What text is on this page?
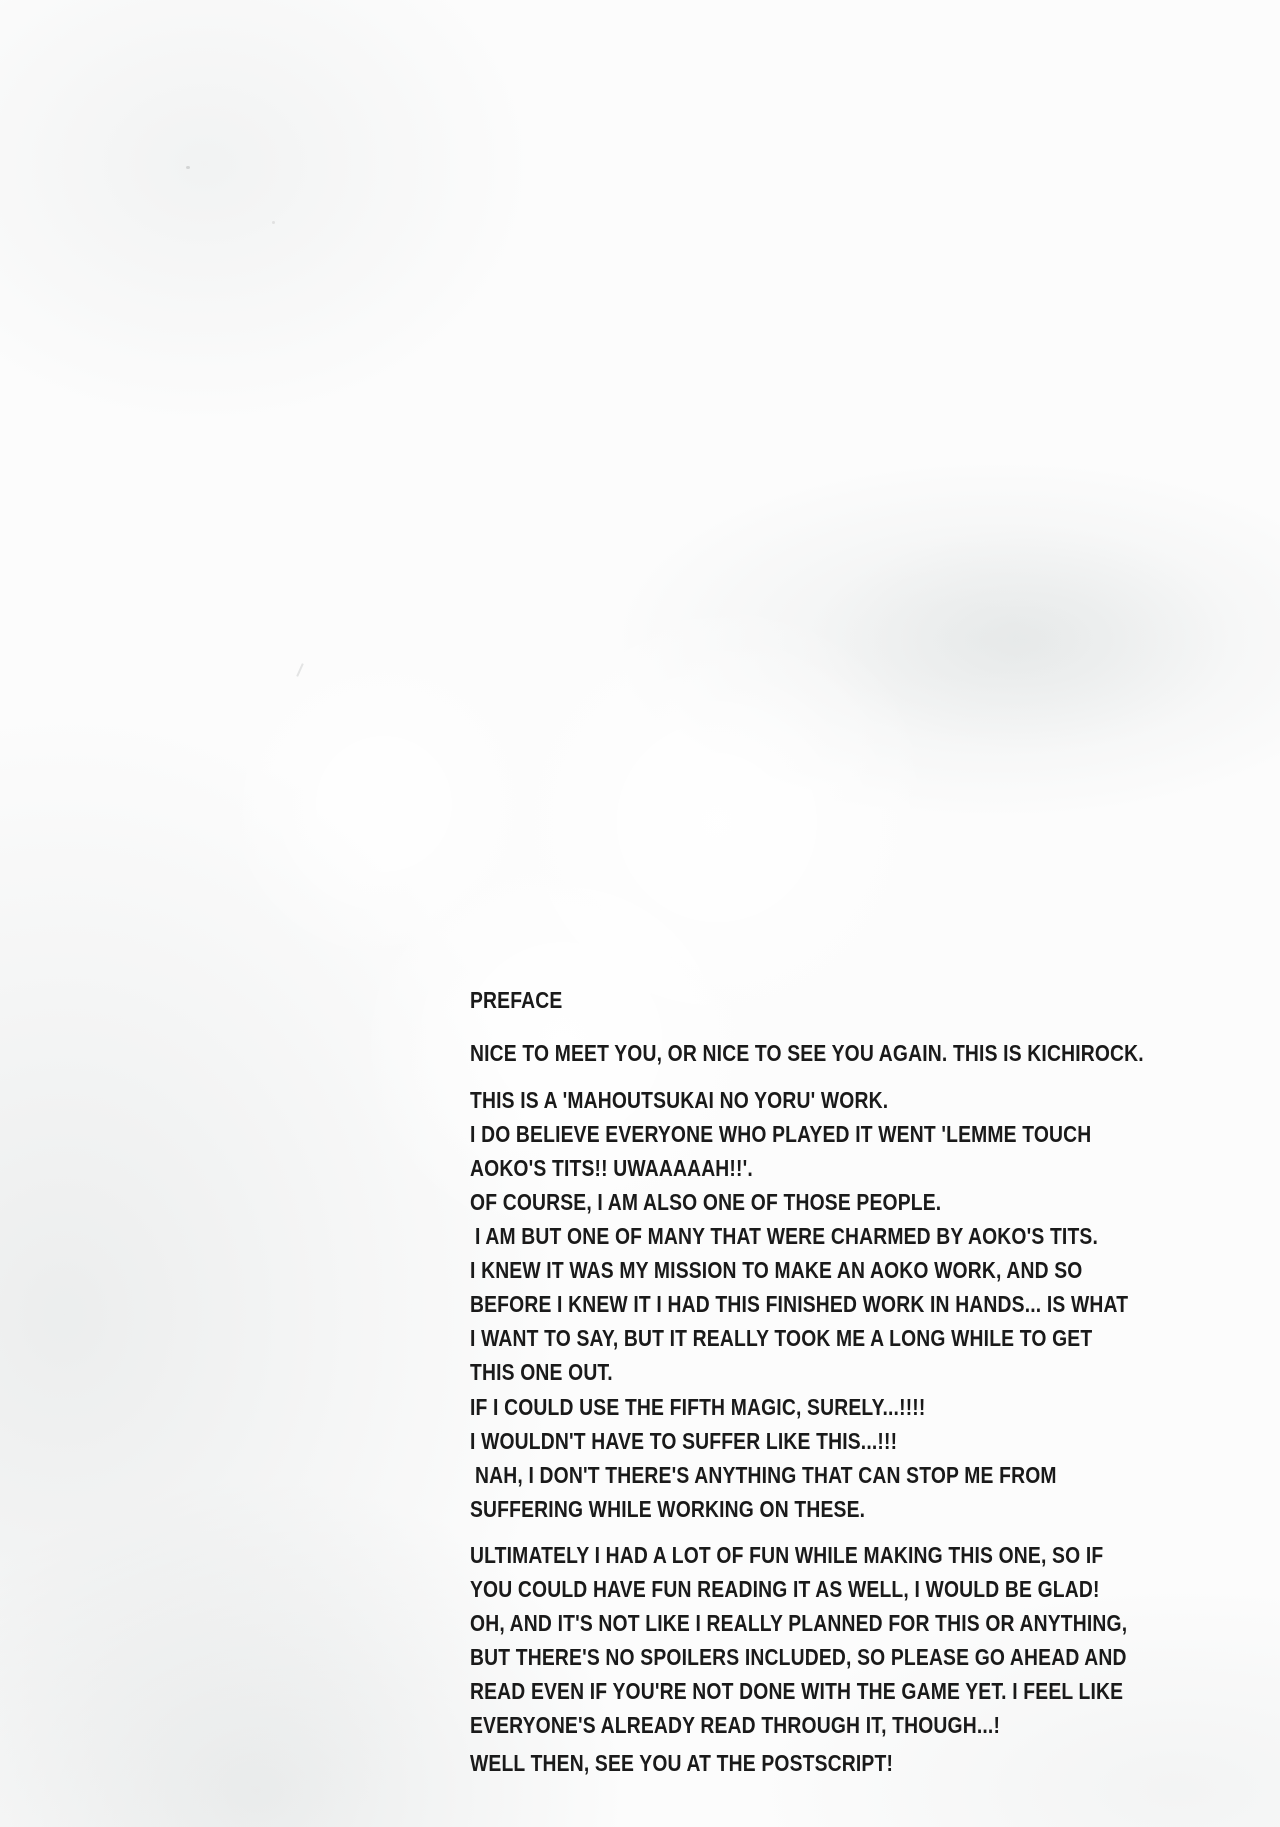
PREFACE
NICE TO MEET YOU, OR NICE TO SEE YOU AGAIN. THIS IS KICHIROCK.
THIS IS A 'MAHOUTSUKAI NO YORU' WORK.
I DO BELIEVE EVERYONE WHO PLAYED IT WENT 'LEMME TOUCH
AOKO'S TITS!! UWAAAAAH!!'.
OF COURSE, I AM ALSO ONE OF THOSE PEOPLE.
I AM BUT ONE OF MANY THAT WERE CHARMED BY AOKO'S TITS.
I KNEW IT WAS MY MISSION TO MAKE AN AOKO WORK, AND SO
BEFORE I KNEW IT I HAD THIS FINISHED WORK IN HANDS... IS WHAT
I WANT TO SAY, BUT IT REALLY TOOK ME A LONG WHILE TO GET
THIS ONE OUT.
IF I COULD USE THE FIFTH MAGIC, SURELY...!!!!
I WOULDN'T HAVE TO SUFFER LIKE THIS...!!!
NAH, I DON'T THERE'S ANYTHING THAT CAN STOP ME FROM
SUFFERING WHILE WORKING ON THESE.
ULTIMATELY I HAD A LOT OF FUN WHILE MAKING THIS ONE, SO IF
YOU COULD HAVE FUN READING IT AS WELL, I WOULD BE GLAD!
OH, AND IT'S NOT LIKE I REALLY PLANNED FOR THIS OR ANYTHING,
BUT THERE'S NO SPOILERS INCLUDED, SO PLEASE GO AHEAD AND
READ EVEN IF YOU'RE NOT DONE WITH THE GAME YET. I FEEL LIKE
EVERYONE'S ALREADY READ THROUGH IT, THOUGH...!
WELL THEN, SEE YOU AT THE POSTSCRIPT!
